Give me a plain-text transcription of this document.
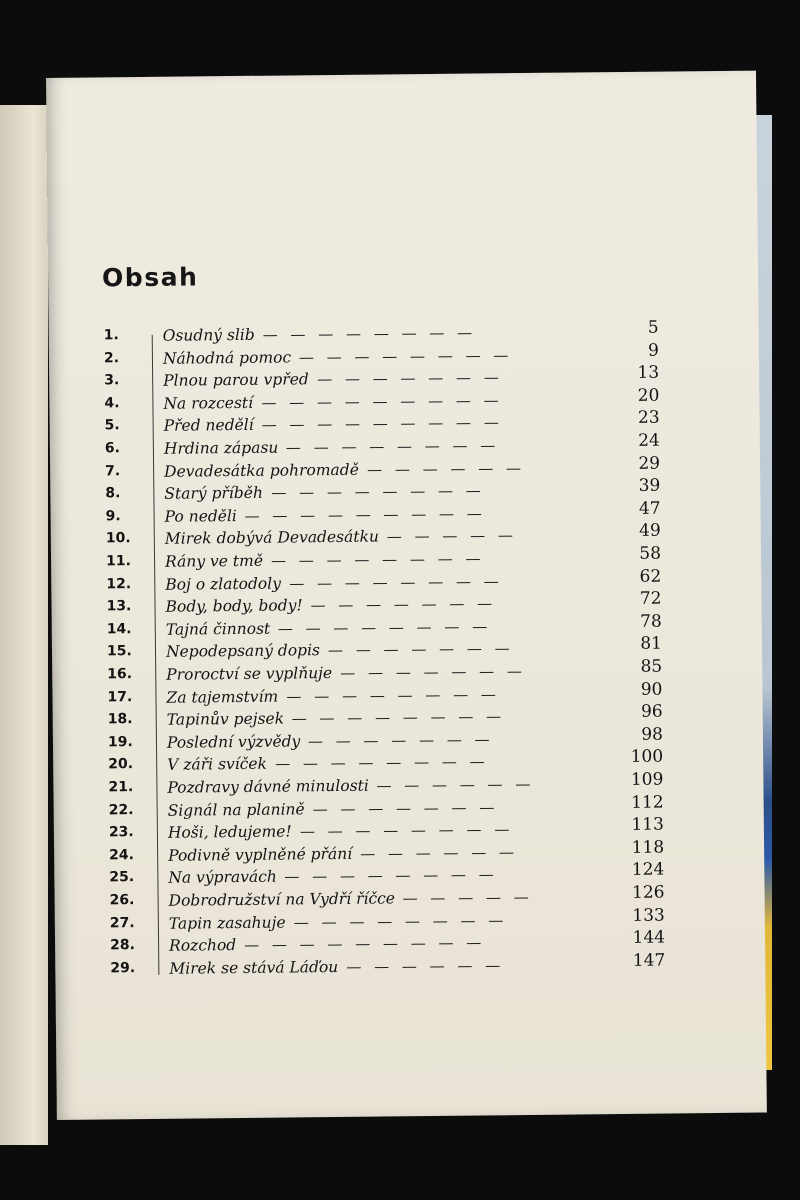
Obsah
1.	Osudný slib — — — — — — — —	5
2.	Náhodná pomoc — — — — — — — —	9
3.	Plnou parou vpřed — — — — — — —	13
4.	Na rozcestí — — — — — — — — —	20
5.	Před nedělí — — — — — — — — —	23
6.	Hrdina zápasu — — — — — — — —	24
7.	Devadesátka pohromadě — — — — — —	29
8.	Starý příběh — — — — — — — —	39
9.	Po neděli — — — — — — — — —	47
10.	Mirek dobývá Devadesátku — — — — —	49
11.	Rány ve tmě — — — — — — — —	58
12.	Boj o zlatodoly — — — — — — — —	62
13.	Body, body, body! — — — — — — —	72
14.	Tajná činnost — — — — — — — —	78
15.	Nepodepsaný dopis — — — — — — —	81
16.	Proroctví se vyplňuje — — — — — — —	85
17.	Za tajemstvím — — — — — — — —	90
18.	Tapinův pejsek — — — — — — — —	96
19.	Poslední výzvědy — — — — — — —	98
20.	V záři svíček — — — — — — — —	100
21.	Pozdravy dávné minulosti — — — — — —	109
22.	Signál na planině — — — — — — —	112
23.	Hoši, ledujeme! — — — — — — — —	113
24.	Podivně vyplněné přání — — — — — —	118
25.	Na výpravách — — — — — — — —	124
26.	Dobrodružství na Vydří říčce — — — — —	126
27.	Tapin zasahuje — — — — — — — —	133
28.	Rozchod — — — — — — — — —	144
29.	Mirek se stává Láďou — — — — — —	147
